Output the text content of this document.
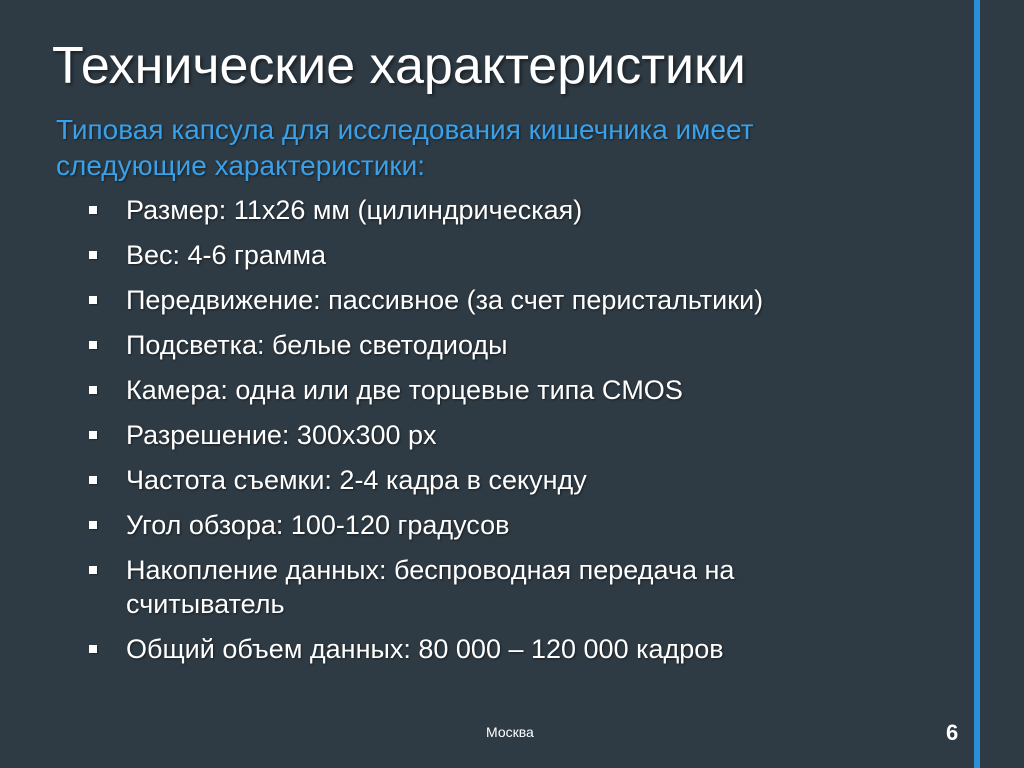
Технические характеристики
Типовая капсула для исследования кишечника имеет следующие характеристики:
Размер: 11х26 мм (цилиндрическая)
Вес: 4-6 грамма
Передвижение: пассивное (за счет перистальтики)
Подсветка: белые светодиоды
Камера: одна или две торцевые типа CMOS
Разрешение: 300х300 px
Частота съемки: 2-4 кадра в секунду
Угол обзора: 100-120 градусов
Накопление данных: беспроводная передача на считыватель
Общий объем данных: 80 000 – 120 000 кадров
Москва	6
